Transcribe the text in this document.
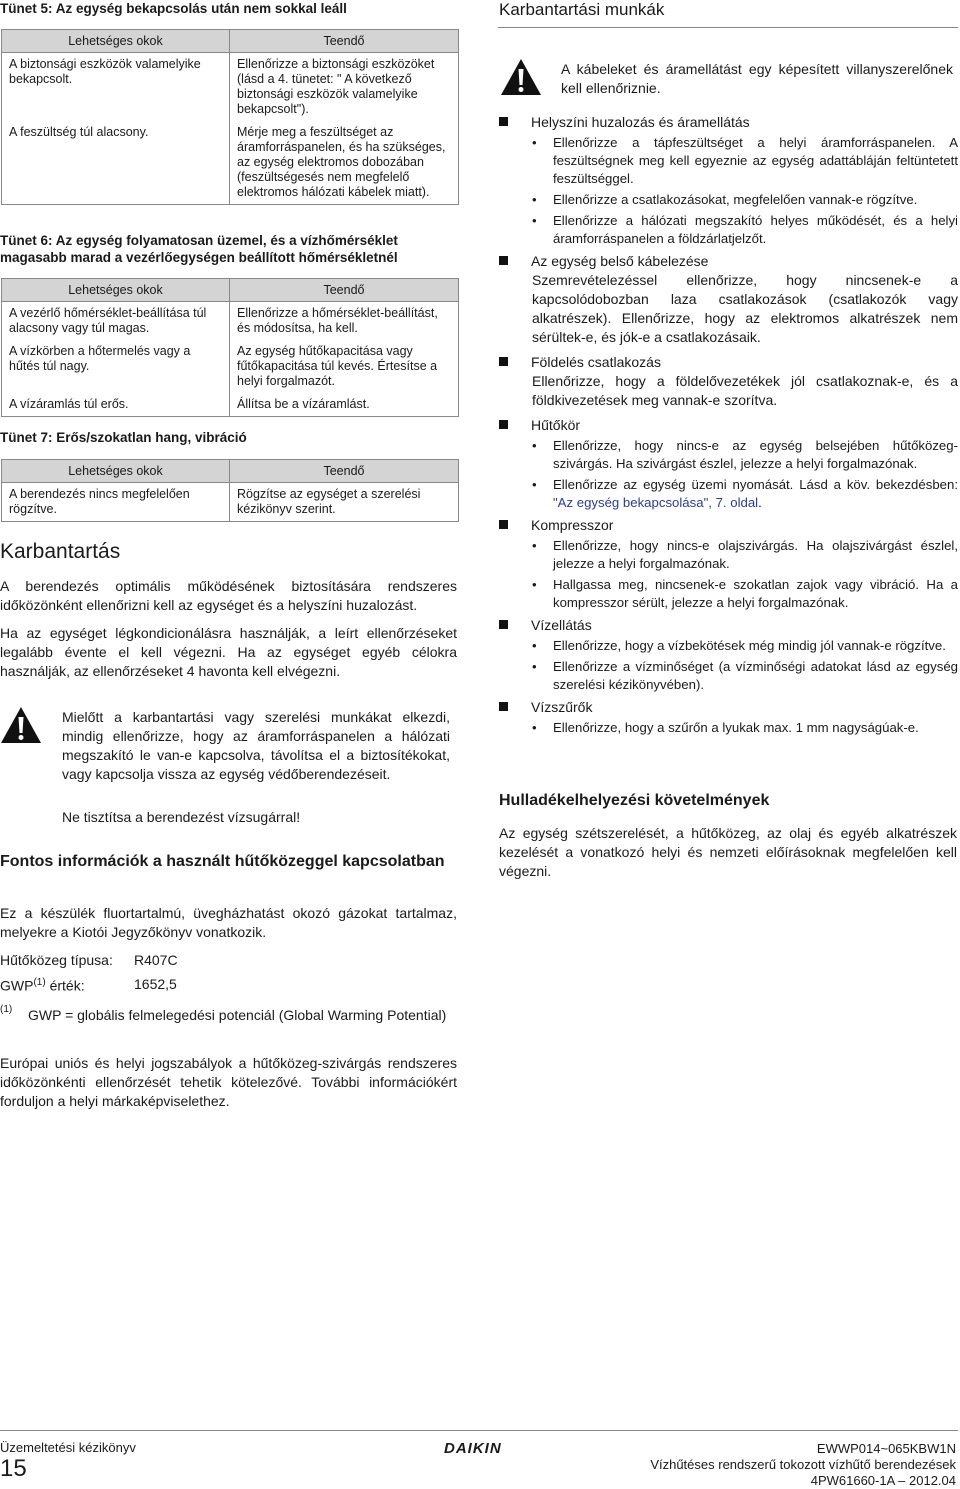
Tünet 5: Az egység bekapcsolás után nem sokkal leáll
Lehetséges okok	Teendő
A biztonsági eszközök valamelyike bekapcsolt.	Ellenőrizze a biztonsági eszközöket (lásd a 4. tünetet: " A következő biztonsági eszközök valamelyike bekapcsolt").
A feszültség túl alacsony.	Mérje meg a feszültséget az áramforráspanelen, és ha szükséges, az egység elektromos dobozában (feszültségesés nem megfelelő elektromos hálózati kábelek miatt).
Tünet 6: Az egység folyamatosan üzemel, és a vízhőmérséklet magasabb marad a vezérlőegységen beállított hőmérsékletnél
Lehetséges okok	Teendő
A vezérlő hőmérséklet-beállítása túl alacsony vagy túl magas.	Ellenőrizze a hőmérséklet-beállítást, és módosítsa, ha kell.
A vízkörben a hőtermelés vagy a hűtés túl nagy.	Az egység hűtőkapacitása vagy fűtőkapacitása túl kevés. Értesítse a helyi forgalmazót.
A vízáramlás túl erős.	Állítsa be a vízáramlást.
Tünet 7: Erős/szokatlan hang, vibráció
Lehetséges okok	Teendő
A berendezés nincs megfelelően rögzítve.	Rögzítse az egységet a szerelési kézikönyv szerint.
Karbantartás

A berendezés optimális működésének biztosítására rendszeres időközönként ellenőrizni kell az egységet és a helyszíni huzalozást.

Ha az egységet légkondicionálásra használják, a leírt ellenőrzéseket legalább évente el kell végezni. Ha az egységet egyéb célokra használják, az ellenőrzéseket 4 havonta kell elvégezni.

Mielőtt a karbantartási vagy szerelési munkákat elkezdi, mindig ellenőrizze, hogy az áramforráspanelen a hálózati megszakító le van-e kapcsolva, távolítsa el a biztosítékokat, vagy kapcsolja vissza az egység védőberendezéseit.

Ne tisztítsa a berendezést vízsugárral!

Fontos információk a használt hűtőközeggel kapcsolatban

Ez a készülék fluortartalmú, üvegházhatást okozó gázokat tartalmaz, melyekre a Kiotói Jegyzőkönyv vonatkozik.

Hűtőközeg típusa: R407C
GWP$^{(1)}$ érték:	1652,5
(1)	GWP = globális felmelegedési potenciál (Global Warming Potential)

Európai uniós és helyi jogszabályok a hűtőközeg-szivárgás rendszeres időközönkénti ellenőrzését tehetik kötelezővé. További információkért forduljon a helyi márkaképviselethez.

Karbantartási munkák

A kábeleket és áramellátást egy képesített villanyszerelőnek kell ellenőriznie.

Helyszíni huzalozás és áramellátás
• Ellenőrizze a tápfeszültséget a helyi áramforráspanelen. A feszültségnek meg kell egyeznie az egység adattábláján feltüntetett feszültséggel.
• Ellenőrizze a csatlakozásokat, megfelelően vannak-e rögzítve.
• Ellenőrizze a hálózati megszakító helyes működését, és a helyi áramforráspanelen a földzárlatjelzőt.
Az egység belső kábelezése
Szemrevételezéssel ellenőrizze, hogy nincsenek-e a kapcsolódobozban laza csatlakozások (csatlakozók vagy alkatrészek). Ellenőrizze, hogy az elektromos alkatrészek nem sérültek-e, és jók-e a csatlakozásaik.
Földelés csatlakozás
Ellenőrizze, hogy a földelővezetékek jól csatlakoznak-e, és a földkivezetések meg vannak-e szorítva.
Hűtőkör
• Ellenőrizze, hogy nincs-e az egység belsejében hűtőközeg-szivárgás. Ha szivárgást észlel, jelezze a helyi forgalmazónak.
• Ellenőrizze az egység üzemi nyomását. Lásd a köv. bekezdésben: "Az egység bekapcsolása", 7. oldal.
Kompresszor
• Ellenőrizze, hogy nincs-e olajszivárgás. Ha olajszivárgást észlel, jelezze a helyi forgalmazónak.
• Hallgassa meg, nincsenek-e szokatlan zajok vagy vibráció. Ha a kompresszor sérült, jelezze a helyi forgalmazónak.
Vízellátás
• Ellenőrizze, hogy a vízbekötések még mindig jól vannak-e rögzítve.
• Ellenőrizze a vízminőséget (a vízminőségi adatokat lásd az egység szerelési kézikönyvében).
Vízszűrők
• Ellenőrizze, hogy a szűrőn a lyukak max. 1 mm nagyságúak-e.
Hulladékelhelyezési követelmények

Az egység szétszerelését, a hűtőközeg, az olaj és egyéb alkatrészek kezelését a vonatkozó helyi és nemzeti előírásoknak megfelelően kell végezni.

Üzemeltetési kézikönyv
15
DAIKIN	EWWP014~065KBW1N
Vízhűtéses rendszerű tokozott vízhűtő berendezések
4PW61660-1A – 2012.04
